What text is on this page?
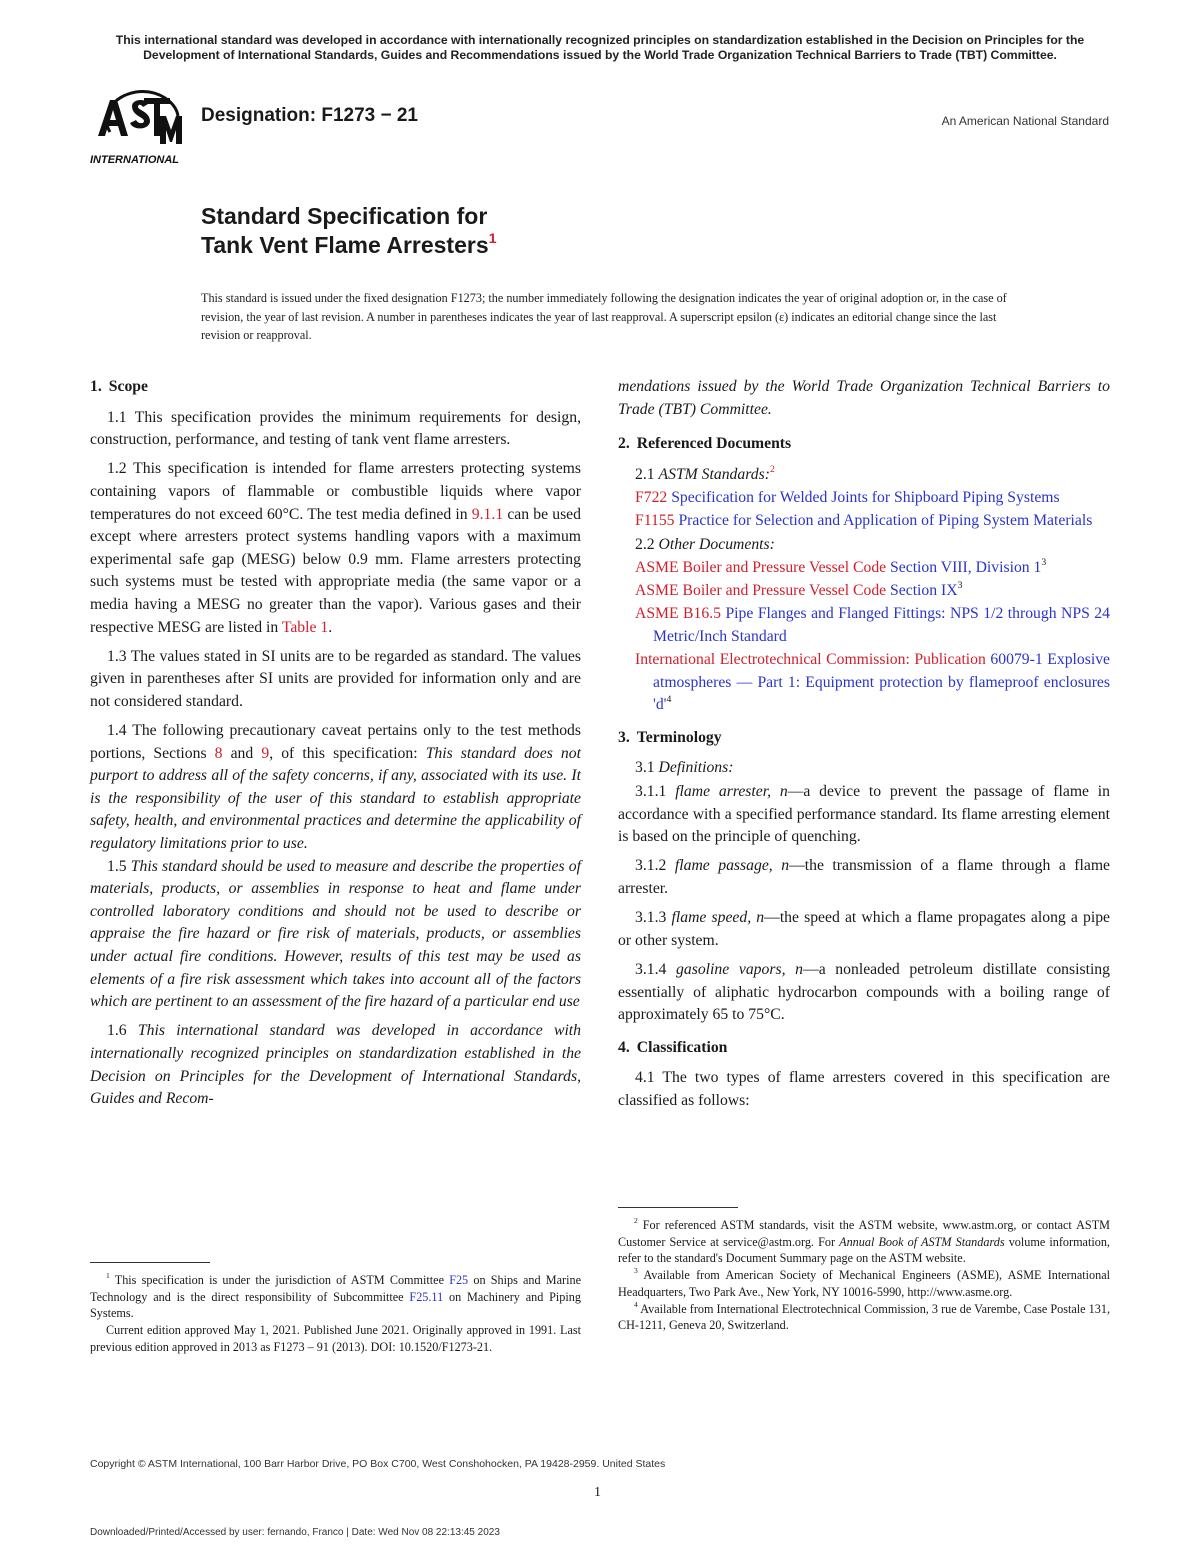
This international standard was developed in accordance with internationally recognized principles on standardization established in the Decision on Principles for the Development of International Standards, Guides and Recommendations issued by the World Trade Organization Technical Barriers to Trade (TBT) Committee.
INTERNATIONAL
Designation: F1273 − 21	An American National Standard
Standard Specification for
Tank Vent Flame Arresters$^1$
This standard is issued under the fixed designation F1273; the number immediately following the designation indicates the year of original adoption or, in the case of revision, the year of last revision. A number in parentheses indicates the year of last reapproval. A superscript epsilon (ε) indicates an editorial change since the last revision or reapproval.
1. Scope

1.1 This specification provides the minimum requirements for design, construction, performance, and testing of tank vent flame arresters.

1.2 This specification is intended for flame arresters protecting systems containing vapors of flammable or combustible liquids where vapor temperatures do not exceed 60°C. The test media defined in 9.1.1 can be used except where arresters protect systems handling vapors with a maximum experimental safe gap (MESG) below 0.9 mm. Flame arresters protecting such systems must be tested with appropriate media (the same vapor or a media having a MESG no greater than the vapor). Various gases and their respective MESG are listed in Table 1.

1.3 The values stated in SI units are to be regarded as standard. The values given in parentheses after SI units are provided for information only and are not considered standard.

1.4 The following precautionary caveat pertains only to the test methods portions, Sections 8 and 9, of this specification: This standard does not purport to address all of the safety concerns, if any, associated with its use. It is the responsibility of the user of this standard to establish appropriate safety, health, and environmental practices and determine the applicability of regulatory limitations prior to use.

1.5 This standard should be used to measure and describe the properties of materials, products, or assemblies in response to heat and flame under controlled laboratory conditions and should not be used to describe or appraise the fire hazard or fire risk of materials, products, or assemblies under actual fire conditions. However, results of this test may be used as elements of a fire risk assessment which takes into account all of the factors which are pertinent to an assessment of the fire hazard of a particular end use

1.6 This international standard was developed in accordance with internationally recognized principles on standardization established in the Decision on Principles for the Development of International Standards, Guides and Recom-

$^1$ This specification is under the jurisdiction of ASTM Committee F25 on Ships and Marine Technology and is the direct responsibility of Subcommittee F25.11 on Machinery and Piping Systems.

Current edition approved May 1, 2021. Published June 2021. Originally approved in 1991. Last previous edition approved in 2013 as F1273 – 91 (2013). DOI: 10.1520/F1273-21.

mendations issued by the World Trade Organization Technical Barriers to Trade (TBT) Committee.

2. Referenced Documents

2.1 ASTM Standards:$^2$

F722 Specification for Welded Joints for Shipboard Piping Systems

F1155 Practice for Selection and Application of Piping System Materials

2.2 Other Documents:

ASME Boiler and Pressure Vessel Code Section VIII, Division $1^3$

ASME Boiler and Pressure Vessel Code Section $IX^3$

ASME B16.5 Pipe Flanges and Flanged Fittings: NPS 1/2 through NPS 24 Metric/Inch Standard

International Electrotechnical Commission: Publication 60079-1 Explosive atmospheres — Part 1: Equipment protection by flameproof enclosures '$d'^4$

3. Terminology

3.1 Definitions:

3.1.1 flame arrester, n—a device to prevent the passage of flame in accordance with a specified performance standard. Its flame arresting element is based on the principle of quenching.

3.1.2 flame passage, n—the transmission of a flame through a flame arrester.

3.1.3 flame speed, n—the speed at which a flame propagates along a pipe or other system.

3.1.4 gasoline vapors, n—a nonleaded petroleum distillate consisting essentially of aliphatic hydrocarbon compounds with a boiling range of approximately 65 to 75°C.

4. Classification

4.1 The two types of flame arresters covered in this specification are classified as follows:

$^2$ For referenced ASTM standards, visit the ASTM website, www.astm.org, or contact ASTM Customer Service at service@astm.org. For Annual Book of ASTM Standards volume information, refer to the standard's Document Summary page on the ASTM website.

$^3$ Available from American Society of Mechanical Engineers (ASME), ASME International Headquarters, Two Park Ave., New York, NY 10016-5990, http://www.asme.org.

$^4$ Available from International Electrotechnical Commission, 3 rue de Varembe, Case Postale 131, CH-1211, Geneva 20, Switzerland.

Copyright © ASTM International, 100 Barr Harbor Drive, PO Box C700, West Conshohocken, PA 19428-2959. United States
1
Downloaded/Printed/Accessed by user: fernando, Franco | Date: Wed Nov 08 22:13:45 2023
